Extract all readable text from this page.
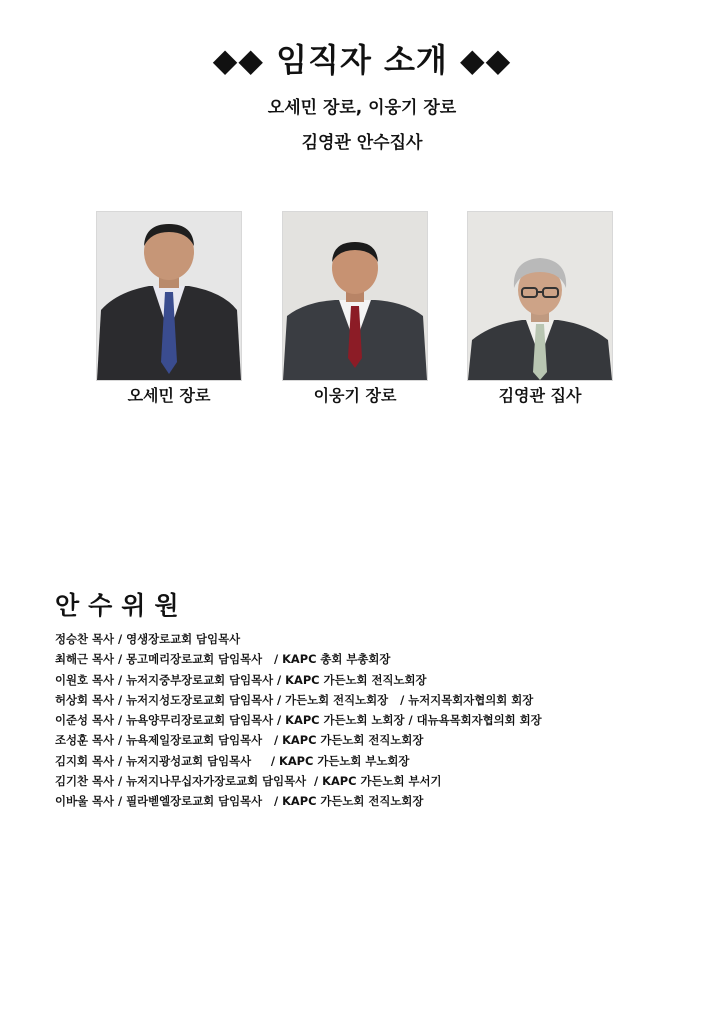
◆◆ 임직자 소개 ◆◆
오세민 장로, 이웅기 장로
김영관 안수집사
오세민 장로	이웅기 장로	김영관 집사
안수위원
정승찬 목사 / 영생장로교회 담임목사
최해근 목사 / 몽고메리장로교회 담임목사   / KAPC 총회 부총회장
이원호 목사 / 뉴저지중부장로교회 담임목사 / KAPC 가든노회 전직노회장
허상회 목사 / 뉴저지성도장로교회 담임목사 / 가든노회 전직노회장   / 뉴저지목회자협의회 회장
이준성 목사 / 뉴욕양무리장로교회 담임목사 / KAPC 가든노회 노회장 / 대뉴욕목회자협의회 회장
조성훈 목사 / 뉴욕제일장로교회 담임목사   / KAPC 가든노회 전직노회장
김지회 목사 / 뉴저지광성교회 담임목사     / KAPC 가든노회 부노회장
김기찬 목사 / 뉴저지나무십자가장로교회 담임목사  / KAPC 가든노회 부서기
이바울 목사 / 필라벧엘장로교회 담임목사   / KAPC 가든노회 전직노회장
